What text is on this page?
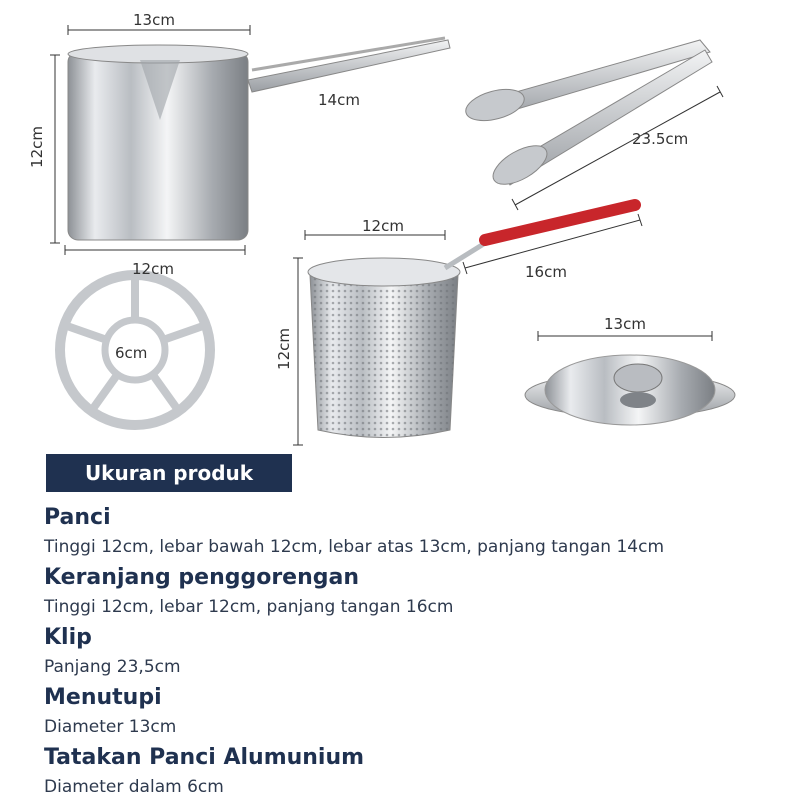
13cm
12cm
14cm
12cm
23.5cm
12cm
16cm
12cm
13cm
6cm
Ukuran produk

Panci

Tinggi 12cm, lebar bawah 12cm, lebar atas 13cm, panjang tangan 14cm

Keranjang penggorengan

Tinggi 12cm, lebar 12cm, panjang tangan 16cm

Klip

Panjang 23,5cm

Menutupi

Diameter 13cm

Tatakan Panci Alumunium

Diameter dalam 6cm
